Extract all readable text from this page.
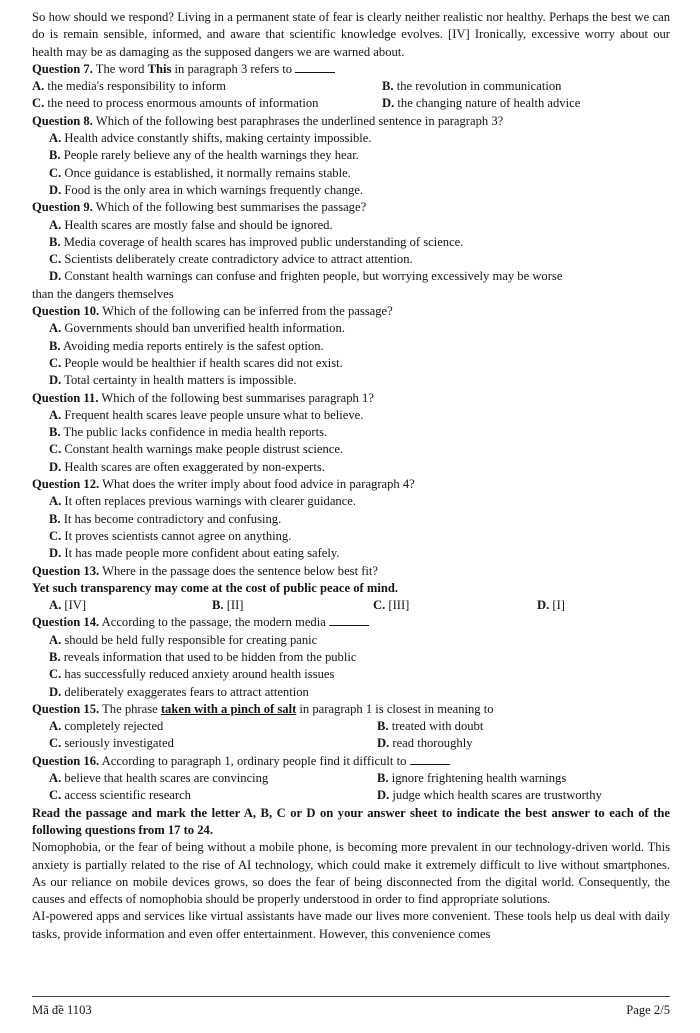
So how should we respond? Living in a permanent state of fear is clearly neither realistic nor healthy. Perhaps the best we can do is remain sensible, informed, and aware that scientific knowledge evolves. [IV] Ironically, excessive worry about our health may be as damaging as the supposed dangers we are warned about.

Question 7. The word This in paragraph 3 refers to
A. the media's responsibility to inform	B. the revolution in communication
C. the need to process enormous amounts of information	D. the changing nature of health advice
Question 8. Which of the following best paraphrases the underlined sentence in paragraph 3?
A. Health advice constantly shifts, making certainty impossible.
B. People rarely believe any of the health warnings they hear.
C. Once guidance is established, it normally remains stable.
D. Food is the only area in which warnings frequently change.
Question 9. Which of the following best summarises the passage?
A. Health scares are mostly false and should be ignored.
B. Media coverage of health scares has improved public understanding of science.
C. Scientists deliberately create contradictory advice to attract attention.
D. Constant health warnings can confuse and frighten people, but worrying excessively may be worse
than the dangers themselves
Question 10. Which of the following can be inferred from the passage?
A. Governments should ban unverified health information.
B. Avoiding media reports entirely is the safest option.
C. People would be healthier if health scares did not exist.
D. Total certainty in health matters is impossible.
Question 11. Which of the following best summarises paragraph 1?
A. Frequent health scares leave people unsure what to believe.
B. The public lacks confidence in media health reports.
C. Constant health warnings make people distrust science.
D. Health scares are often exaggerated by non-experts.
Question 12. What does the writer imply about food advice in paragraph 4?
A. It often replaces previous warnings with clearer guidance.
B. It has become contradictory and confusing.
C. It proves scientists cannot agree on anything.
D. It has made people more confident about eating safely.
Question 13. Where in the passage does the sentence below best fit?
Yet such transparency may come at the cost of public peace of mind.
A. [IV]	B. [II]	C. [III]	D. [I]
Question 14. According to the passage, the modern media
A. should be held fully responsible for creating panic
B. reveals information that used to be hidden from the public
C. has successfully reduced anxiety around health issues
D. deliberately exaggerates fears to attract attention
Question 15. The phrase taken with a pinch of salt in paragraph 1 is closest in meaning to
A. completely rejected	B. treated with doubt
C. seriously investigated	D. read thoroughly
Question 16. According to paragraph 1, ordinary people find it difficult to
A. believe that health scares are convincing	B. ignore frightening health warnings
C. access scientific research	D. judge which health scares are trustworthy

Read the passage and mark the letter A, B, C or D on your answer sheet to indicate the best answer to each of the following questions from 17 to 24.

Nomophobia, or the fear of being without a mobile phone, is becoming more prevalent in our technology-driven world. This anxiety is partially related to the rise of AI technology, which could make it extremely difficult to live without smartphones. As our reliance on mobile devices grows, so does the fear of being disconnected from the digital world. Consequently, the causes and effects of nomophobia should be properly understood in order to find appropriate solutions.

AI-powered apps and services like virtual assistants have made our lives more convenient. These tools help us deal with daily tasks, provide information and even offer entertainment. However, this convenience comes

Mã đề 1103	Page 2/5
